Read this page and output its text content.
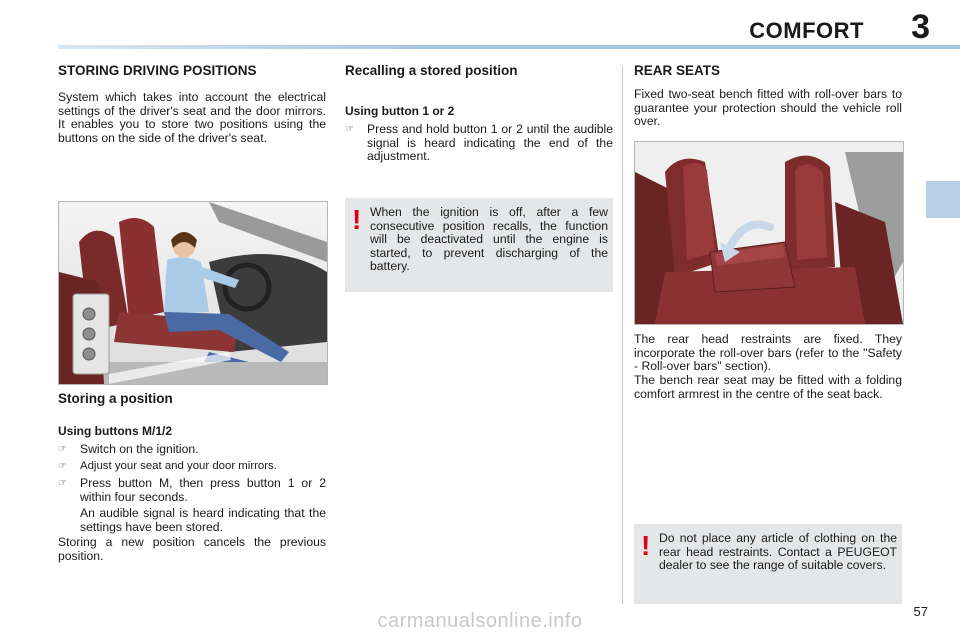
COMFORT 3
STORING DRIVING POSITIONS
System which takes into account the electrical settings of the driver's seat and the door mirrors. It enables you to store two positions using the buttons on the side of the driver's seat.
Storing a position
Using buttons M/1/2
☞ Switch on the ignition.
☞ Adjust your seat and your door mirrors.
☞ Press button M, then press button 1 or 2 within four seconds.
An audible signal is heard indicating that the settings have been stored.
Storing a new position cancels the previous position.
Recalling a stored position
Using button 1 or 2
☞ Press and hold button 1 or 2 until the audible signal is heard indicating the end of the adjustment.
! When the ignition is off, after a few consecutive position recalls, the function will be deactivated until the engine is started, to prevent discharging of the battery.
REAR SEATS
Fixed two-seat bench fitted with roll-over bars to guarantee your protection should the vehicle roll over.
The rear head restraints are fixed. They incorporate the roll-over bars (refer to the "Safety - Roll-over bars" section).
The bench rear seat may be fitted with a folding comfort armrest in the centre of the seat back.
! Do not place any article of clothing on the rear head restraints. Contact a PEUGEOT dealer to see the range of suitable covers.
57
carmanualsonline.info
